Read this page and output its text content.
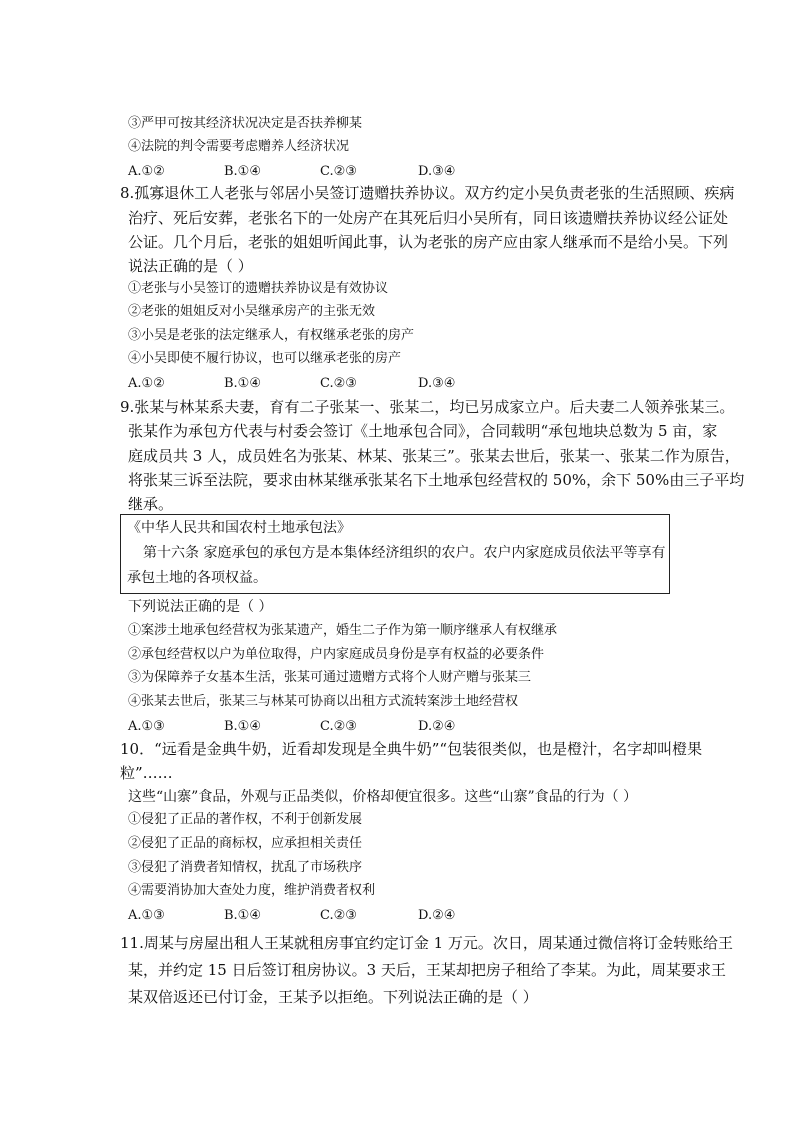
③严甲可按其经济状况决定是否扶养柳某
④法院的判令需要考虑赠养人经济状况
A.①②	B.①④	C.②③	D.③④
8.孤寡退休工人老张与邻居小吴签订遗赠扶养协议。双方约定小吴负责老张的生活照顾、疾病
治疗、死后安葬，老张名下的一处房产在其死后归小吴所有，同日该遗赠扶养协议经公证处
公证。几个月后，老张的姐姐听闻此事，认为老张的房产应由家人继承而不是给小吴。下列
说法正确的是（ ）
①老张与小吴签订的遗赠扶养协议是有效协议
②老张的姐姐反对小吴继承房产的主张无效
③小吴是老张的法定继承人，有权继承老张的房产
④小吴即使不履行协议，也可以继承老张的房产
A.①②	B.①④	C.②③	D.③④
9.张某与林某系夫妻，育有二子张某一、张某二，均已另成家立户。后夫妻二人领养张某三。
张某作为承包方代表与村委会签订《土地承包合同》，合同载明“承包地块总数为 5 亩，家
庭成员共 3 人，成员姓名为张某、林某、张某三”。张某去世后，张某一、张某二作为原告，
将张某三诉至法院，要求由林某继承张某名下土地承包经营权的 50%，余下 50%由三子平均
继承。
《中华人民共和国农村土地承包法》
第十六条 家庭承包的承包方是本集体经济组织的农户。农户内家庭成员依法平等享有
承包土地的各项权益。
下列说法正确的是（ ）
①案涉土地承包经营权为张某遗产，婚生二子作为第一顺序继承人有权继承
②承包经营权以户为单位取得，户内家庭成员身份是享有权益的必要条件
③为保障养子女基本生活，张某可通过遗赠方式将个人财产赠与张某三
④张某去世后，张某三与林某可协商以出租方式流转案涉土地经营权
A.①③	B.①④	C.②③	D.②④
10．“远看是金典牛奶，近看却发现是全典牛奶”“包装很类似，也是橙汁，名字却叫橙果
粒”……
这些“山寨”食品，外观与正品类似，价格却便宜很多。这些“山寨”食品的行为（ ）
①侵犯了正品的著作权，不利于创新发展
②侵犯了正品的商标权，应承担相关责任
③侵犯了消费者知情权，扰乱了市场秩序
④需要消协加大查处力度，维护消费者权利
A.①③	B.①④	C.②③	D.②④
11.周某与房屋出租人王某就租房事宜约定订金 1 万元。次日，周某通过微信将订金转账给王
某，并约定 15 日后签订租房协议。3 天后，王某却把房子租给了李某。为此，周某要求王
某双倍返还已付订金，王某予以拒绝。下列说法正确的是（ ）
